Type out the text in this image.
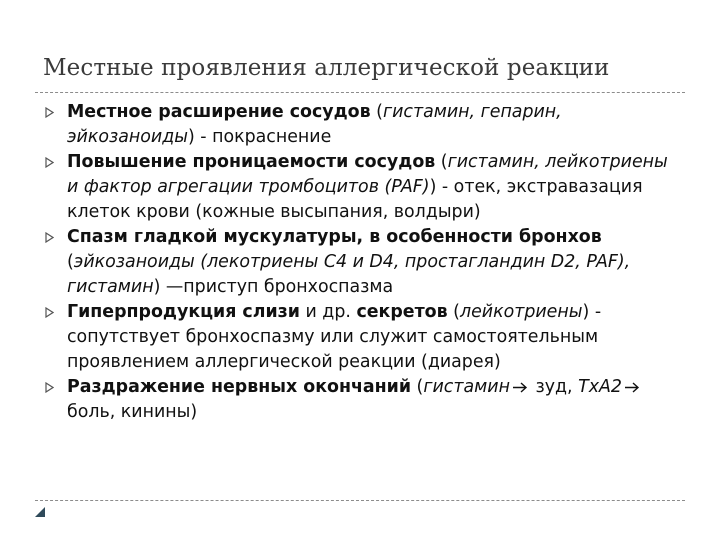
Местные проявления аллергической реакции
Местное расширение сосудов (гистамин, гепарин, эйкозаноиды) - покраснение
Повышение проницаемости сосудов (гистамин, лейкотриены и фактор агрегации тромбоцитов (PAF)) - отек, экстравазация клеток крови (кожные высыпания, волдыри)
Спазм гладкой мускулатуры, в особенности бронхов (эйкозаноиды (лекотриены С4 и D4, простагландин D2, PAF), гистамин) —приступ бронхоспазма
Гиперпродукция слизи и др. секретов (лейкотриены) - сопутствует бронхоспазму или служит самостоятельным проявлением аллергической реакции (диарея)
Раздражение нервных окончаний (гистамин зуд, ТхА2боль, кинины)
